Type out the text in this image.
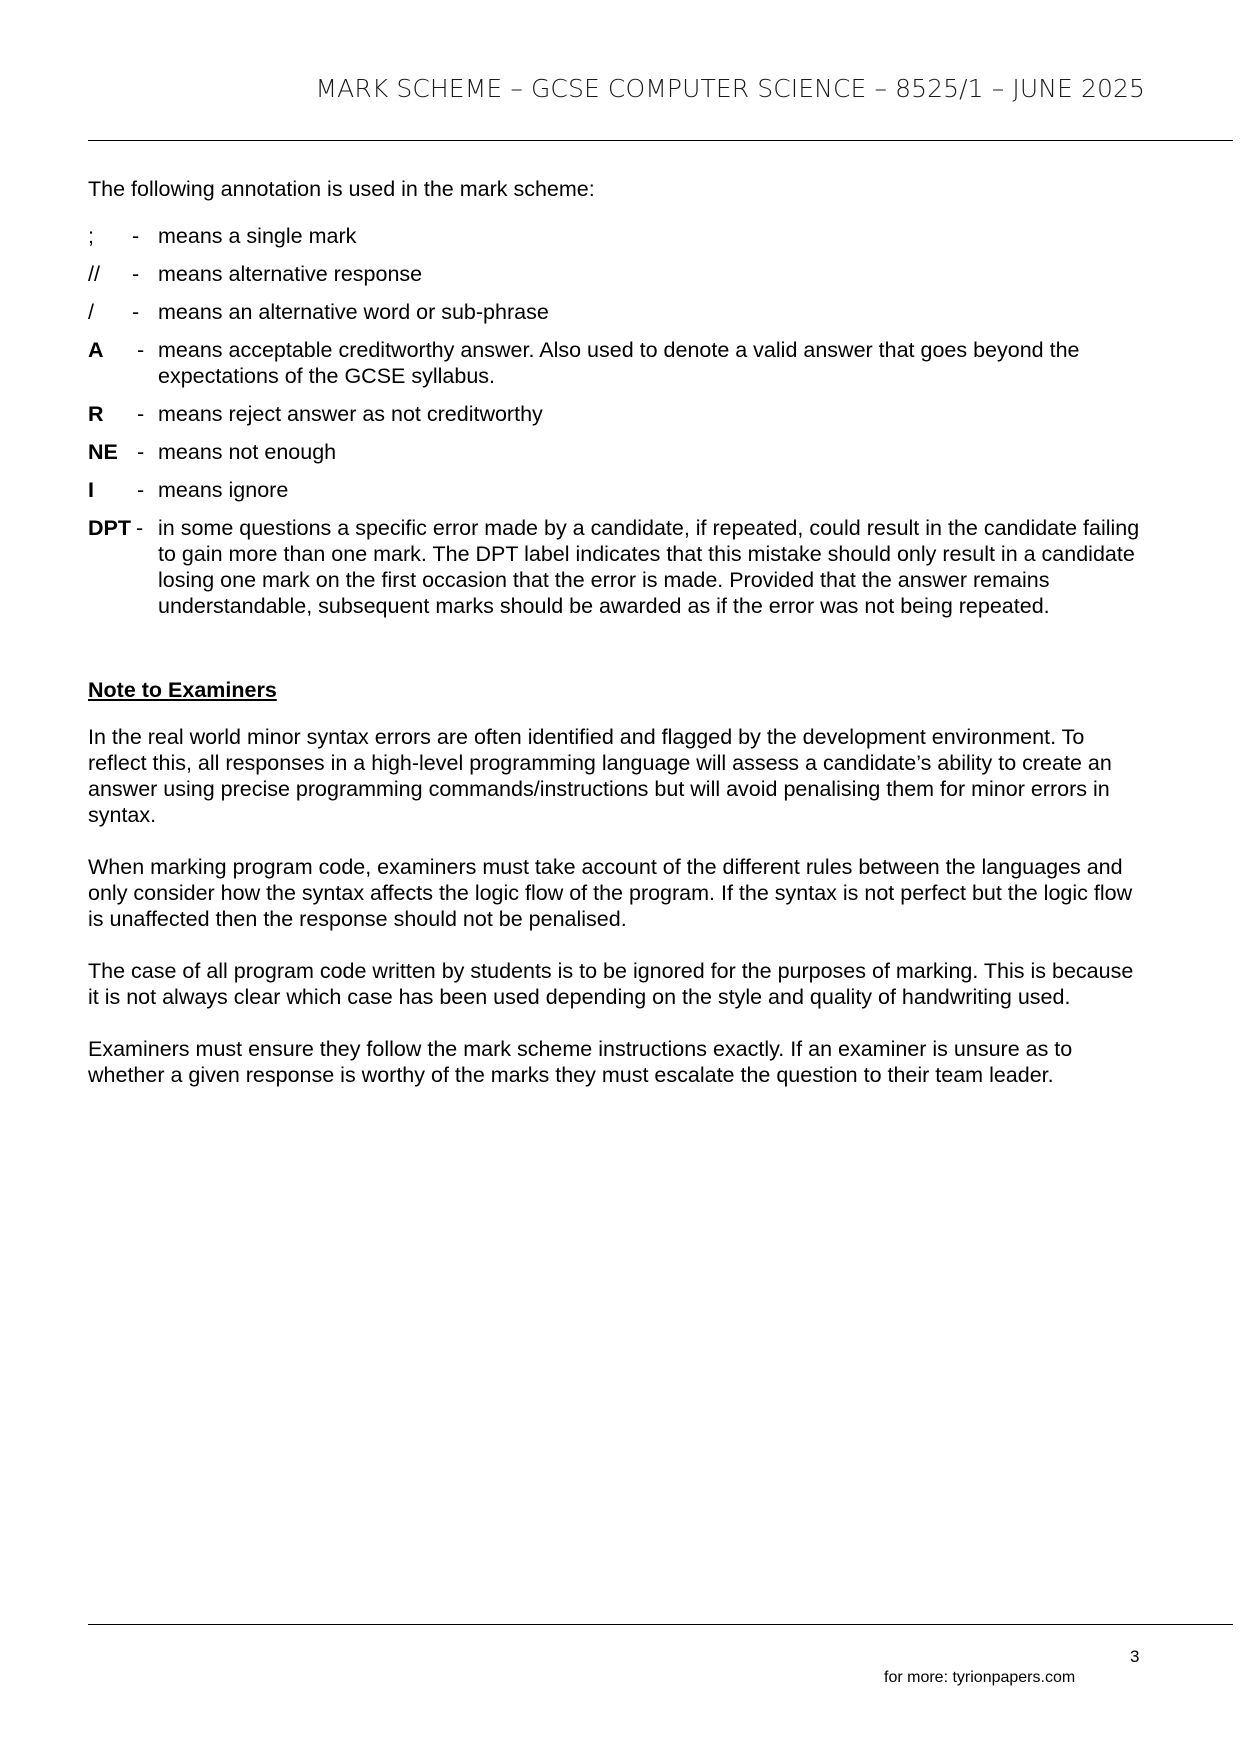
MARK SCHEME – GCSE COMPUTER SCIENCE – 8525/1 – JUNE 2025

The following annotation is used in the mark scheme:

;	- means a single mark
//	- means alternative response
/	- means an alternative word or sub-phrase
A	- means acceptable creditworthy answer. Also used to denote a valid answer that goes beyond the expectations of the GCSE syllabus.
R	- means reject answer as not creditworthy
NE - means not enough
I	- means ignore
DPT - in some questions a specific error made by a candidate, if repeated, could result in the candidate failing to gain more than one mark. The DPT label indicates that this mistake should only result in a candidate losing one mark on the first occasion that the error is made. Provided that the answer remains understandable, subsequent marks should be awarded as if the error was not being repeated.
Note to Examiners

In the real world minor syntax errors are often identified and flagged by the development environment. To reflect this, all responses in a high-level programming language will assess a candidate’s ability to create an answer using precise programming commands/instructions but will avoid penalising them for minor errors in syntax.

When marking program code, examiners must take account of the different rules between the languages and only consider how the syntax affects the logic flow of the program. If the syntax is not perfect but the logic flow is unaffected then the response should not be penalised.

The case of all program code written by students is to be ignored for the purposes of marking. This is because it is not always clear which case has been used depending on the style and quality of handwriting used.

Examiners must ensure they follow the mark scheme instructions exactly. If an examiner is unsure as to whether a given response is worthy of the marks they must escalate the question to their team leader.

3
for more: tyrionpapers.com
